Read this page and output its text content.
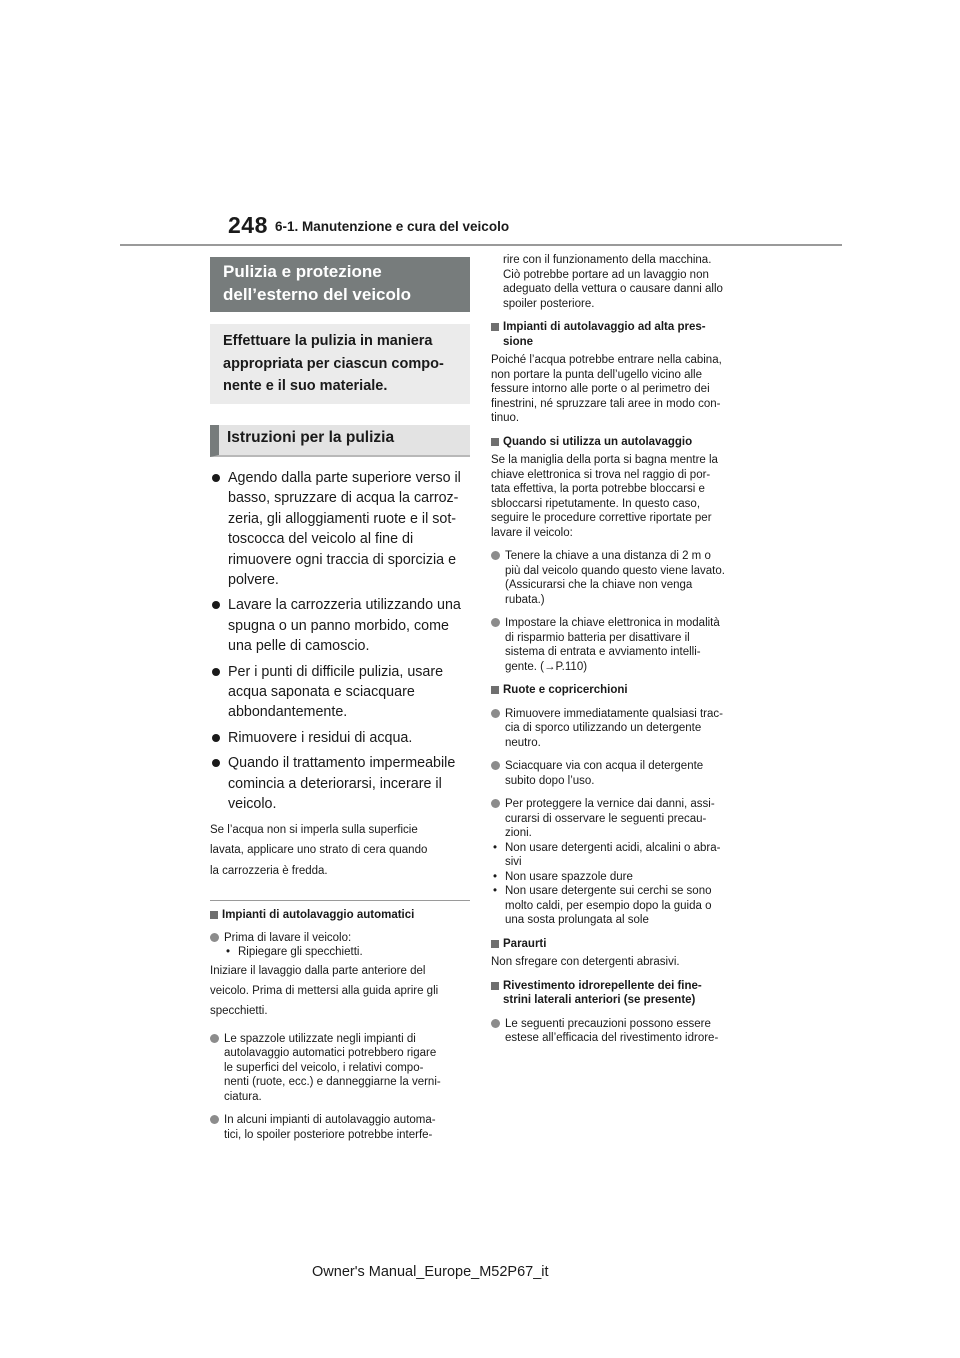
248 6-1. Manutenzione e cura del veicolo
Pulizia e protezione dell’esterno del veicolo
Effettuare la pulizia in maniera
appropriata per ciascun compo-
nente e il suo materiale.
Istruzioni per la pulizia
Agendo dalla parte superiore verso il
basso, spruzzare di acqua la carroz-
zeria, gli alloggiamenti ruote e il sot-
toscocca del veicolo al fine di
rimuovere ogni traccia di sporcizia e
polvere.
Lavare la carrozzeria utilizzando una
spugna o un panno morbido, come
una pelle di camoscio.
Per i punti di difficile pulizia, usare
acqua saponata e sciacquare
abbondantemente.
Rimuovere i residui di acqua.
Quando il trattamento impermeabile
comincia a deteriorarsi, incerare il
veicolo.
Se l’acqua non si imperla sulla superficie
lavata, applicare uno strato di cera quando
la carrozzeria è fredda.
Impianti di autolavaggio automatici
Prima di lavare il veicolo:
• Ripiegare gli specchietti.
Iniziare il lavaggio dalla parte anteriore del
veicolo. Prima di mettersi alla guida aprire gli
specchietti.
Le spazzole utilizzate negli impianti di
autolavaggio automatici potrebbero rigare
le superfici del veicolo, i relativi compo-
nenti (ruote, ecc.) e danneggiarne la verni-
ciatura.
In alcuni impianti di autolavaggio automa-
tici, lo spoiler posteriore potrebbe interfe-
rire con il funzionamento della macchina.
Ciò potrebbe portare ad un lavaggio non
adeguato della vettura o causare danni allo
spoiler posteriore.
Impianti di autolavaggio ad alta pres-
sione
Poiché l’acqua potrebbe entrare nella cabina,
non portare la punta dell’ugello vicino alle
fessure intorno alle porte o al perimetro dei
finestrini, né spruzzare tali aree in modo con-
tinuo.
Quando si utilizza un autolavaggio
Se la maniglia della porta si bagna mentre la
chiave elettronica si trova nel raggio di por-
tata effettiva, la porta potrebbe bloccarsi e
sbloccarsi ripetutamente. In questo caso,
seguire le procedure correttive riportate per
lavare il veicolo:
Tenere la chiave a una distanza di 2 m o
più dal veicolo quando questo viene lavato.
(Assicurarsi che la chiave non venga
rubata.)
Impostare la chiave elettronica in modalità
di risparmio batteria per disattivare il
sistema di entrata e avviamento intelli-
gente. (→P.110)
Ruote e copricerchioni
Rimuovere immediatamente qualsiasi trac-
cia di sporco utilizzando un detergente
neutro.
Sciacquare via con acqua il detergente
subito dopo l’uso.
Per proteggere la vernice dai danni, assi-
curarsi di osservare le seguenti precau-
zioni.
• Non usare detergenti acidi, alcalini o abra-
sivi
• Non usare spazzole dure
• Non usare detergente sui cerchi se sono
molto caldi, per esempio dopo la guida o
una sosta prolungata al sole
Paraurti
Non sfregare con detergenti abrasivi.
Rivestimento idrorepellente dei fine-
strini laterali anteriori (se presente)
Le seguenti precauzioni possono essere
estese all’efficacia del rivestimento idrore-
Owner's Manual_Europe_M52P67_it
